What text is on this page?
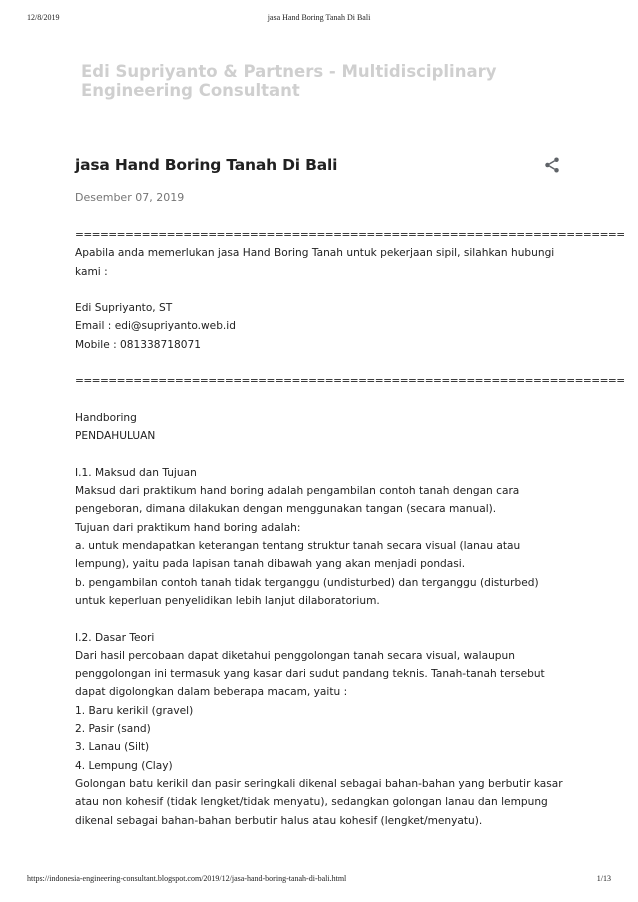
12/8/2019	jasa Hand Boring Tanah Di Bali
Edi Supriyanto & Partners - Multidisciplinary
Engineering Consultant
jasa Hand Boring Tanah Di Bali
Desember 07, 2019
==================================================================
Apabila anda memerlukan jasa Hand Boring Tanah untuk pekerjaan sipil, silahkan hubungi
kami :
Edi Supriyanto, ST
Email : edi@supriyanto.web.id
Mobile : 081338718071
==================================================================
Handboring
PENDAHULUAN
I.1. Maksud dan Tujuan
Maksud dari praktikum hand boring adalah pengambilan contoh tanah dengan cara
pengeboran, dimana dilakukan dengan menggunakan tangan (secara manual).
Tujuan dari praktikum hand boring adalah:
a. untuk mendapatkan keterangan tentang struktur tanah secara visual (lanau atau
lempung), yaitu pada lapisan tanah dibawah yang akan menjadi pondasi.
b. pengambilan contoh tanah tidak terganggu (undisturbed) dan terganggu (disturbed)
untuk keperluan penyelidikan lebih lanjut dilaboratorium.
I.2. Dasar Teori
Dari hasil percobaan dapat diketahui penggolongan tanah secara visual, walaupun
penggolongan ini termasuk yang kasar dari sudut pandang teknis. Tanah-tanah tersebut
dapat digolongkan dalam beberapa macam, yaitu :
1. Baru kerikil (gravel)
2. Pasir (sand)
3. Lanau (Silt)
4. Lempung (Clay)
Golongan batu kerikil dan pasir seringkali dikenal sebagai bahan-bahan yang berbutir kasar
atau non kohesif (tidak lengket/tidak menyatu), sedangkan golongan lanau dan lempung
dikenal sebagai bahan-bahan berbutir halus atau kohesif (lengket/menyatu).
https://indonesia-engineering-consultant.blogspot.com/2019/12/jasa-hand-boring-tanah-di-bali.html	1/13
